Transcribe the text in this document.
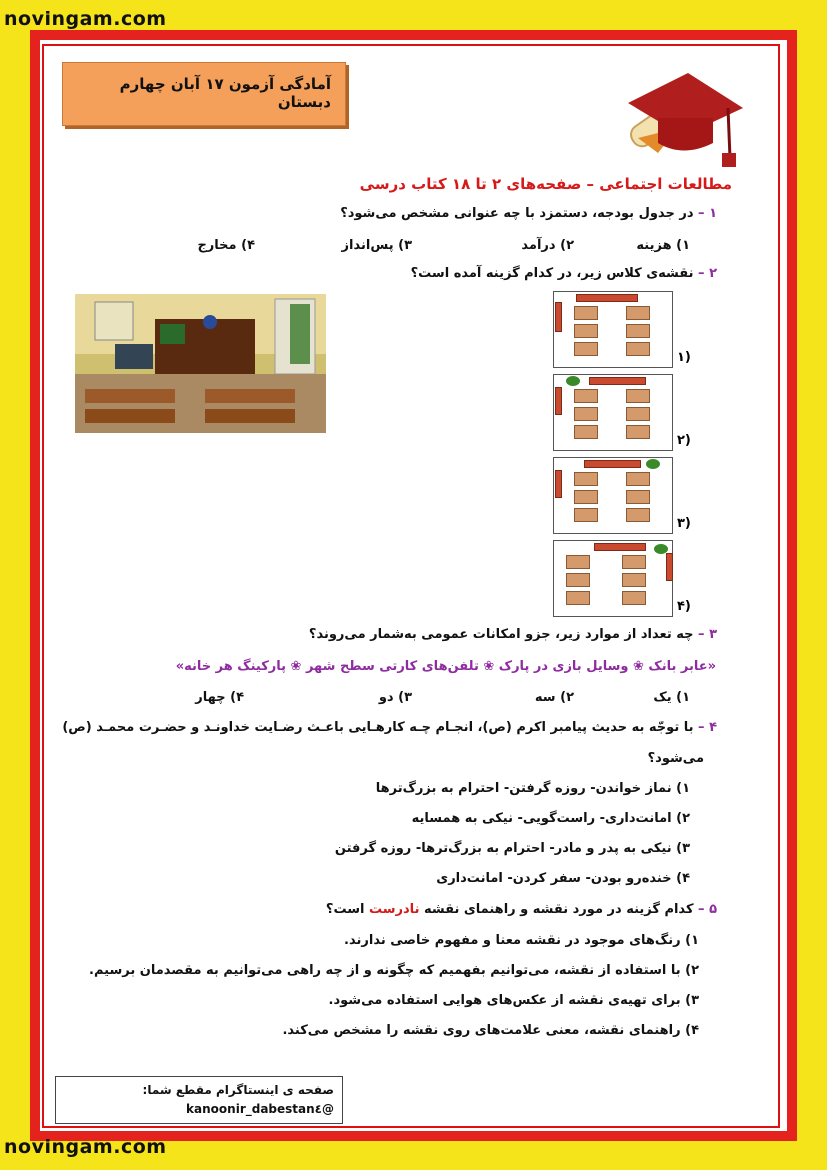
novingam.com
آمادگی آزمون ۱۷ آبان چهارم دبستان
مطالعات اجتماعی – صفحه‌های ۲ تا ۱۸ کتاب درسی
۱ – در جدول بودجه، دستمزد با چه عنوانی مشخص می‌شود؟
۱) هزینه
۲) درآمد
۳) پس‌انداز
۴) مخارج
۲ – نقشه‌ی کلاس زیر، در کدام گزینه آمده است؟
۱)
۲)
۳)
۴)
۳ – چه تعداد از موارد زیر، جزو امکانات عمومی به‌شمار می‌روند؟
«عابر بانک ❀ وسایل بازی در پارک ❀ تلفن‌های کارتی سطح شهر ❀ پارکینگ هر خانه»
۱) یک
۲) سه
۳) دو
۴) چهار
۴ – با توجّه به حدیث پیامبر اکرم (ص)، انجـام چـه کارهـایی باعـث رضـایت خداونـد و حضـرت محمـد (ص)
می‌شود؟
۱) نماز خواندن- روزه گرفتن- احترام به بزرگ‌ترها
۲) امانت‌داری- راست‌گویی- نیکی به همسایه
۳) نیکی به پدر و مادر- احترام به بزرگ‌ترها- روزه گرفتن
۴) خنده‌رو بودن- سفر کردن- امانت‌داری
۵ – کدام گزینه در مورد نقشه و راهنمای نقشه نادرست است؟
۱) رنگ‌های موجود در نقشه معنا و مفهوم خاصی ندارند.
۲) با استفاده از نقشه، می‌توانیم بفهمیم که چگونه و از چه راهی می‌توانیم به مقصدمان برسیم.
۳) برای تهیه‌ی نقشه از عکس‌های هوایی استفاده می‌شود.
۴) راهنمای نقشه، معنی علامت‌های روی نقشه را مشخص می‌کند.
صفحه ی اینستاگرام مقطع شما:
@kanoonir_dabestan٤
novingam.com
